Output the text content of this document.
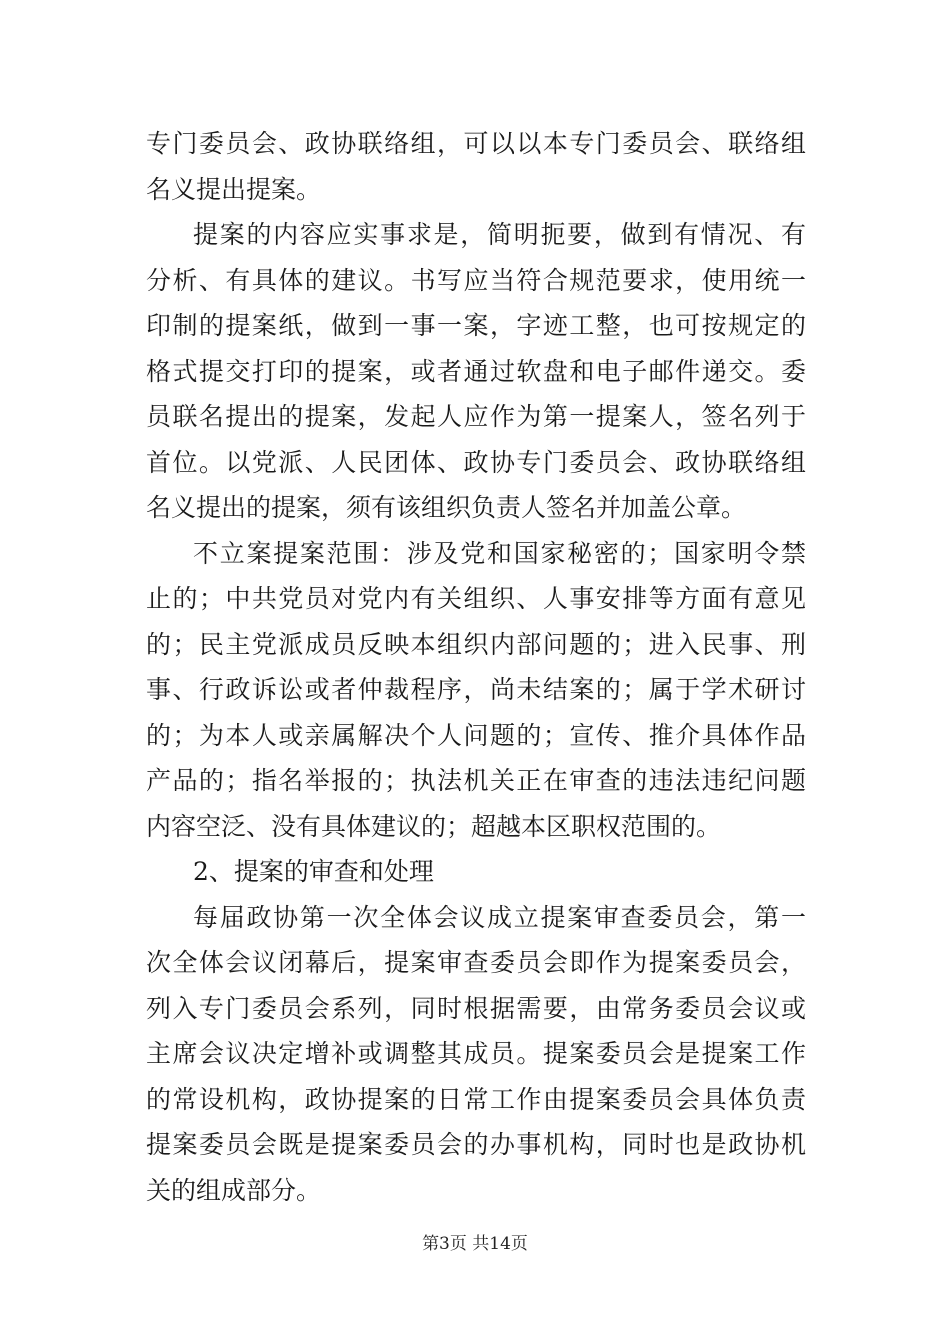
专门委员会、政协联络组，可以以本专门委员会、联络组
名义提出提案。
提案的内容应实事求是，简明扼要，做到有情况、有
分析、有具体的建议。书写应当符合规范要求，使用统一
印制的提案纸，做到一事一案，字迹工整，也可按规定的
格式提交打印的提案，或者通过软盘和电子邮件递交。委
员联名提出的提案，发起人应作为第一提案人，签名列于
首位。以党派、人民团体、政协专门委员会、政协联络组
名义提出的提案，须有该组织负责人签名并加盖公章。
不立案提案范围：涉及党和国家秘密的；国家明令禁
止的；中共党员对党内有关组织、人事安排等方面有意见
的；民主党派成员反映本组织内部问题的；进入民事、刑
事、行政诉讼或者仲裁程序，尚未结案的；属于学术研讨
的；为本人或亲属解决个人问题的；宣传、推介具体作品
产品的；指名举报的；执法机关正在审查的违法违纪问题
内容空泛、没有具体建议的；超越本区职权范围的。
2、提案的审查和处理
每届政协第一次全体会议成立提案审查委员会，第一
次全体会议闭幕后，提案审查委员会即作为提案委员会，
列入专门委员会系列，同时根据需要，由常务委员会议或
主席会议决定增补或调整其成员。提案委员会是提案工作
的常设机构，政协提案的日常工作由提案委员会具体负责
提案委员会既是提案委员会的办事机构，同时也是政协机
关的组成部分。
第3页 共14页
